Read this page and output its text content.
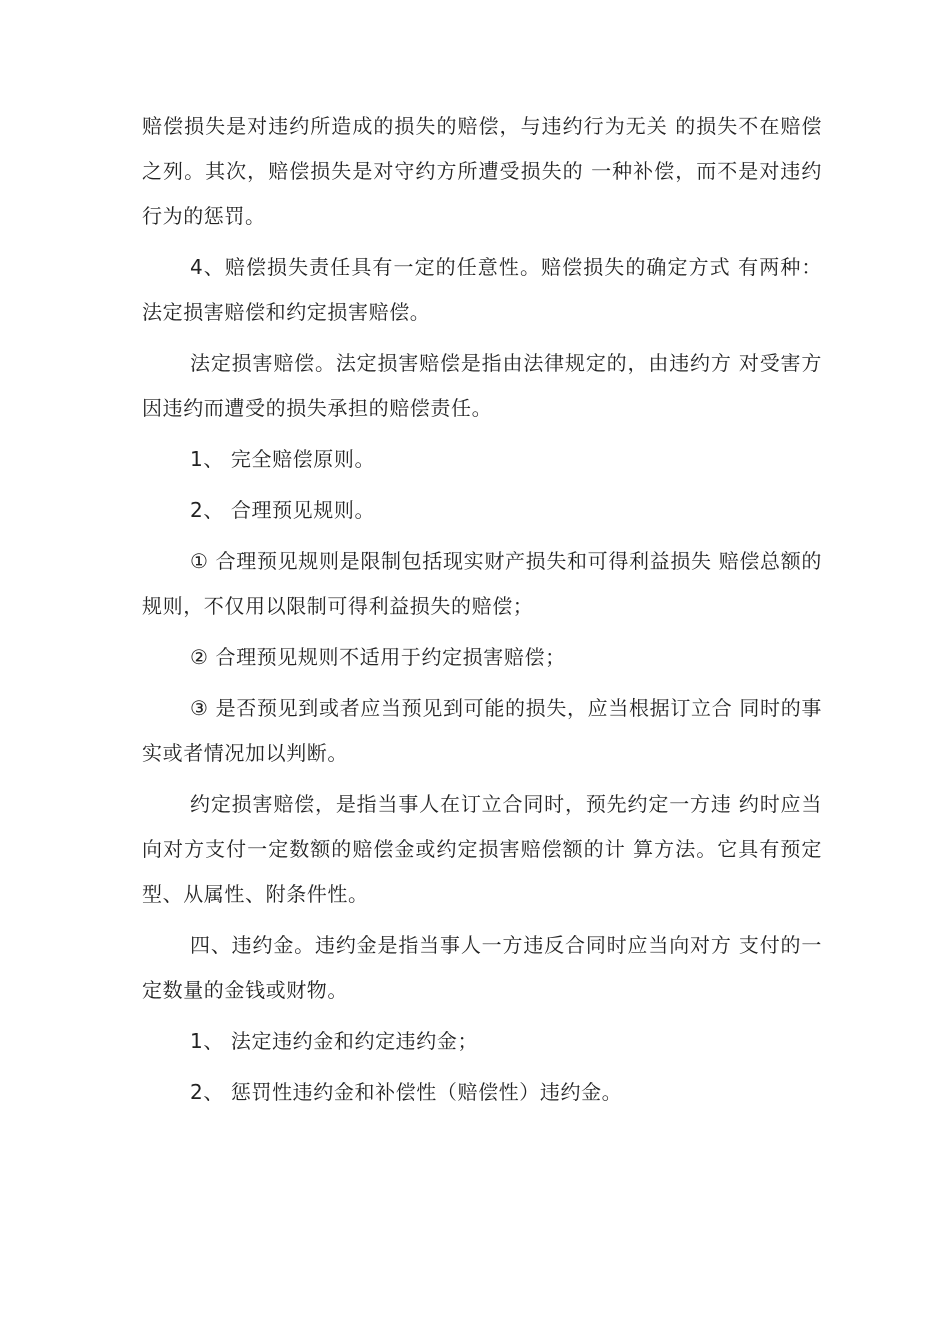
赔偿损失是对违约所造成的损失的赔偿，与违约行为无关 的损失不在赔偿之列。其次，赔偿损失是对守约方所遭受损失的 一种补偿，而不是对违约行为的惩罚。

4、赔偿损失责任具有一定的任意性。赔偿损失的确定方式 有两种：法定损害赔偿和约定损害赔偿。

法定损害赔偿。法定损害赔偿是指由法律规定的，由违约方 对受害方因违约而遭受的损失承担的赔偿责任。

1、 完全赔偿原则。

2、 合理预见规则。

① 合理预见规则是限制包括现实财产损失和可得利益损失 赔偿总额的规则，不仅用以限制可得利益损失的赔偿；

② 合理预见规则不适用于约定损害赔偿；

③ 是否预见到或者应当预见到可能的损失，应当根据订立合 同时的事实或者情况加以判断。

约定损害赔偿，是指当事人在订立合同时，预先约定一方违 约时应当向对方支付一定数额的赔偿金或约定损害赔偿额的计 算方法。它具有预定型、从属性、附条件性。

四、违约金。违约金是指当事人一方违反合同时应当向对方 支付的一定数量的金钱或财物。

1、 法定违约金和约定违约金；

2、 惩罚性违约金和补偿性（赔偿性）违约金。
